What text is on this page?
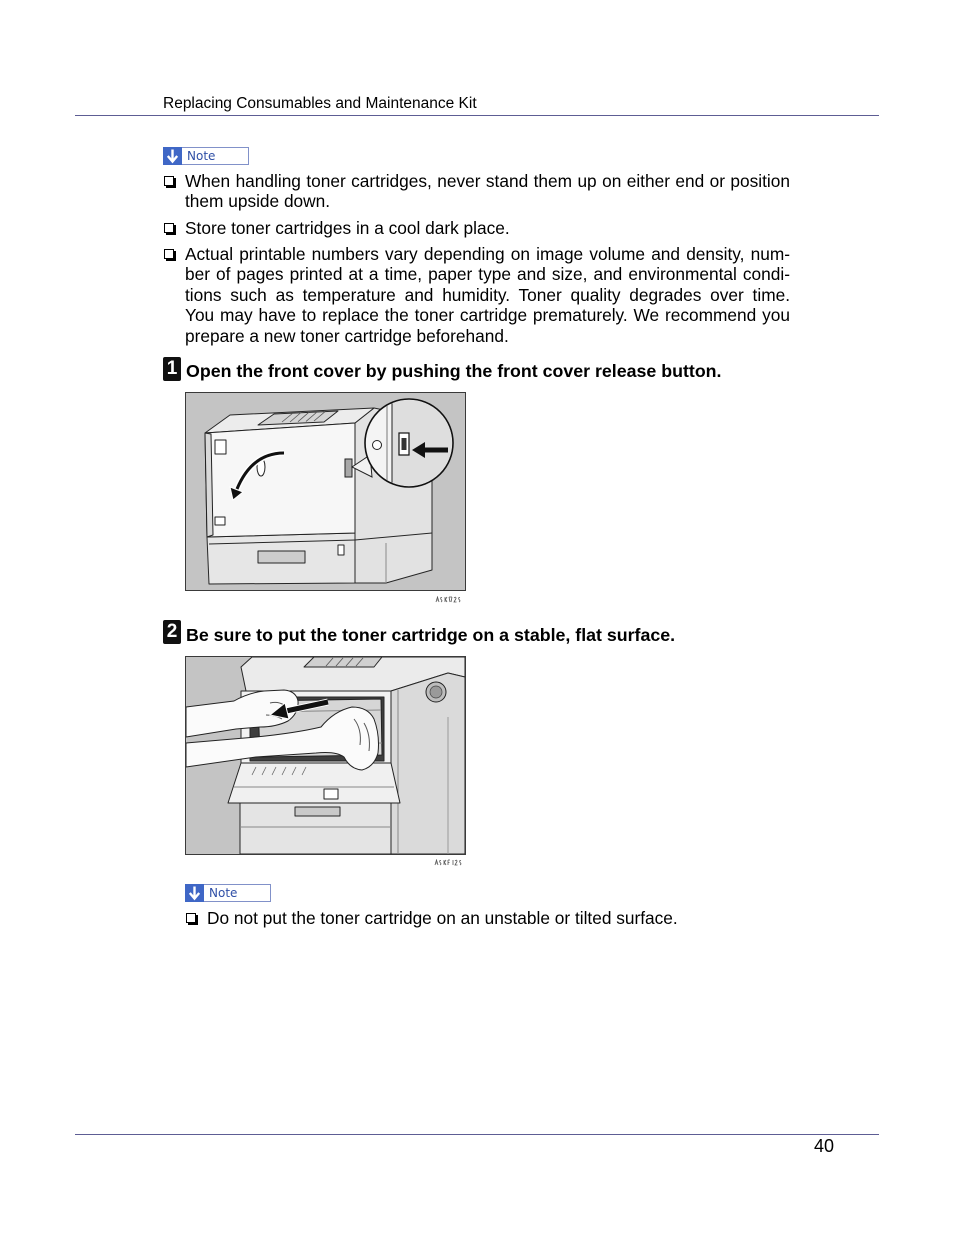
Replacing Consumables and Maintenance Kit
Note
When handling toner cartridges, never stand them up on either end or position
them upside down.
Store toner cartridges in a cool dark place.
Actual printable numbers vary depending on image volume and density, num-
ber of pages printed at a time, paper type and size, and environmental condi-
tions such as temperature and humidity. Toner quality degrades over time.
You may have to replace the toner cartridge prematurely. We recommend you
prepare a new toner cartridge beforehand.
1 Open the front cover by pushing the front cover release button.
2 Be sure to put the toner cartridge on a stable, flat surface.
Note
Do not put the toner cartridge on an unstable or tilted surface.
40
